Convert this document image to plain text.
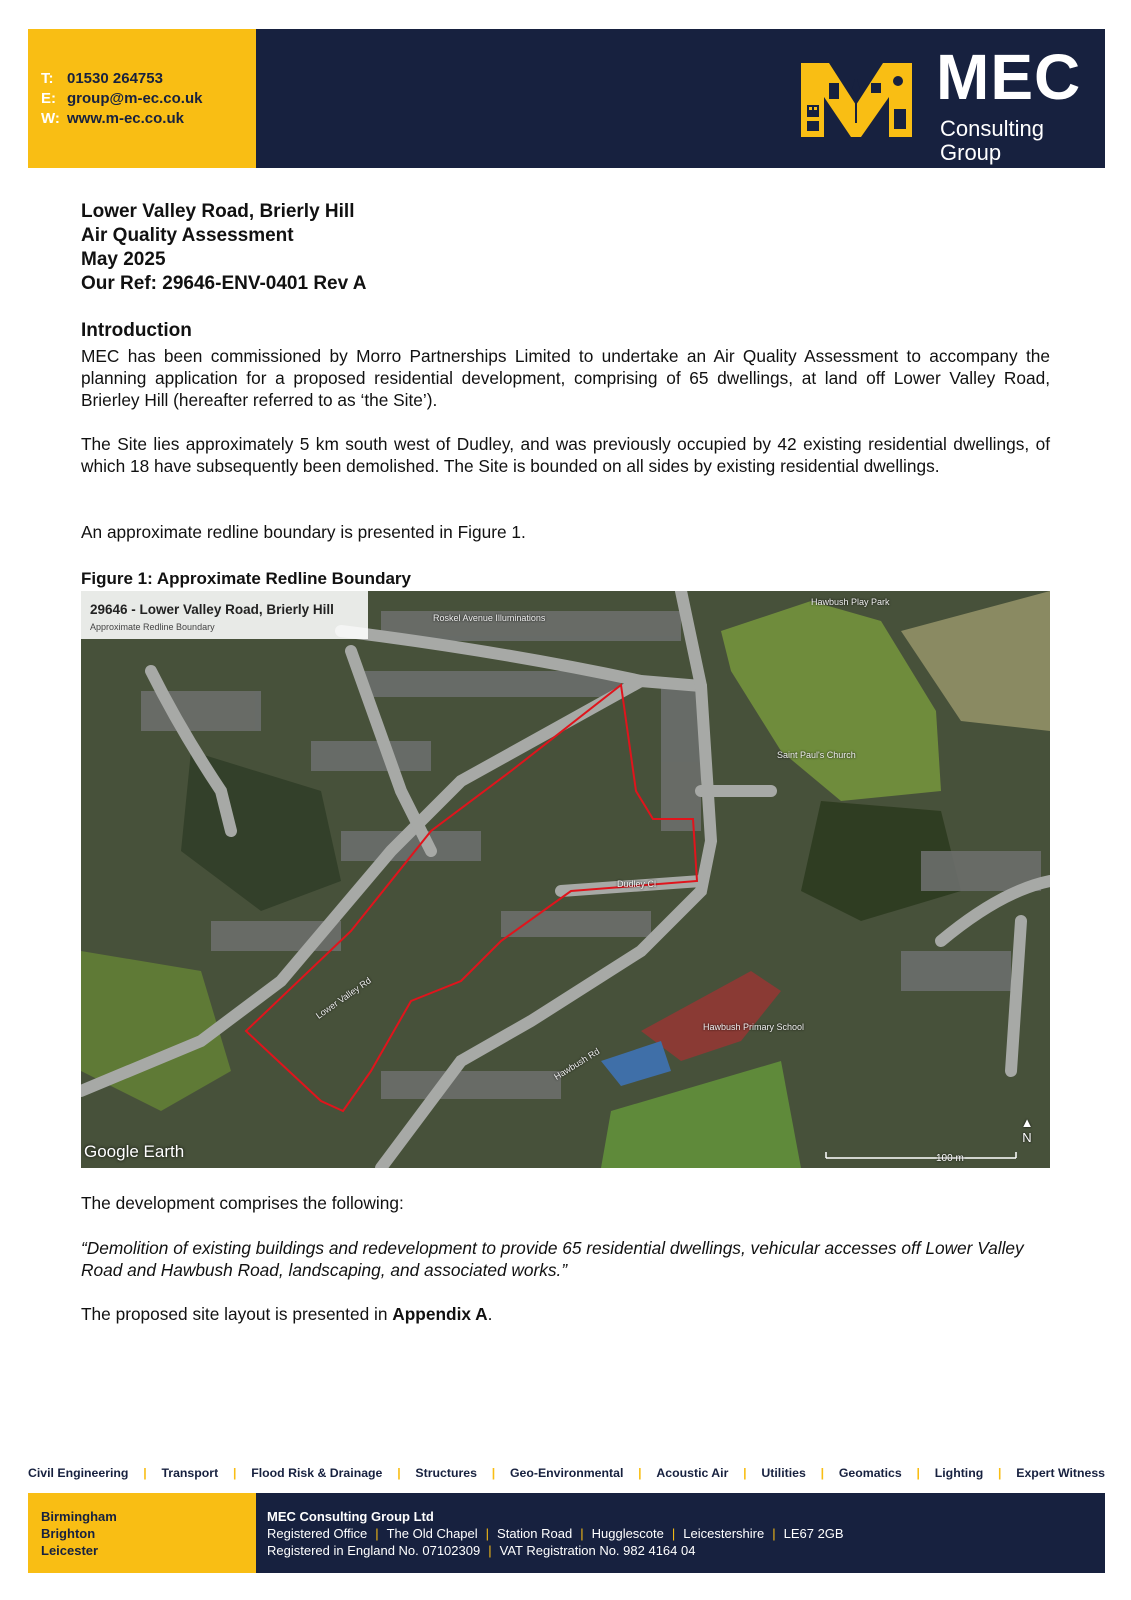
T: 01530 264753
E: group@m-ec.co.uk
W: www.m-ec.co.uk
MEC
Consulting Group
Lower Valley Road, Brierly Hill
Air Quality Assessment
May 2025
Our Ref: 29646-ENV-0401 Rev A
Introduction
MEC has been commissioned by Morro Partnerships Limited to undertake an Air Quality Assessment to accompany the planning application for a proposed residential development, comprising of 65 dwellings, at land off Lower Valley Road, Brierley Hill (hereafter referred to as ‘the Site’).
The Site lies approximately 5 km south west of Dudley, and was previously occupied by 42 existing residential dwellings, of which 18 have subsequently been demolished. The Site is bounded on all sides by existing residential dwellings.
An approximate redline boundary is presented in Figure 1.
Figure 1: Approximate Redline Boundary
29646 - Lower Valley Road, Brierly Hill
Approximate Redline Boundary
Hawbush Play Park
Roskel Avenue Illuminations
Saint Paul's Church
Hawbush Primary School
Lower Valley Rd
Hawbush Rd
Dudley Cl
▲
N
Google Earth	100 m
The development comprises the following:
“Demolition of existing buildings and redevelopment to provide 65 residential dwellings, vehicular accesses off Lower Valley Road and Hawbush Road, landscaping, and associated works.”
The proposed site layout is presented in Appendix A.
Civil Engineering | Transport | Flood Risk & Drainage | Structures | Geo-Environmental | Acoustic Air | Utilities | Geomatics | Lighting | Expert Witness
Birmingham
Brighton
Leicester
MEC Consulting Group Ltd
Registered Office | The Old Chapel | Station Road | Hugglescote | Leicestershire | LE67 2GB
Registered in England No. 07102309 | VAT Registration No. 982 4164 04
